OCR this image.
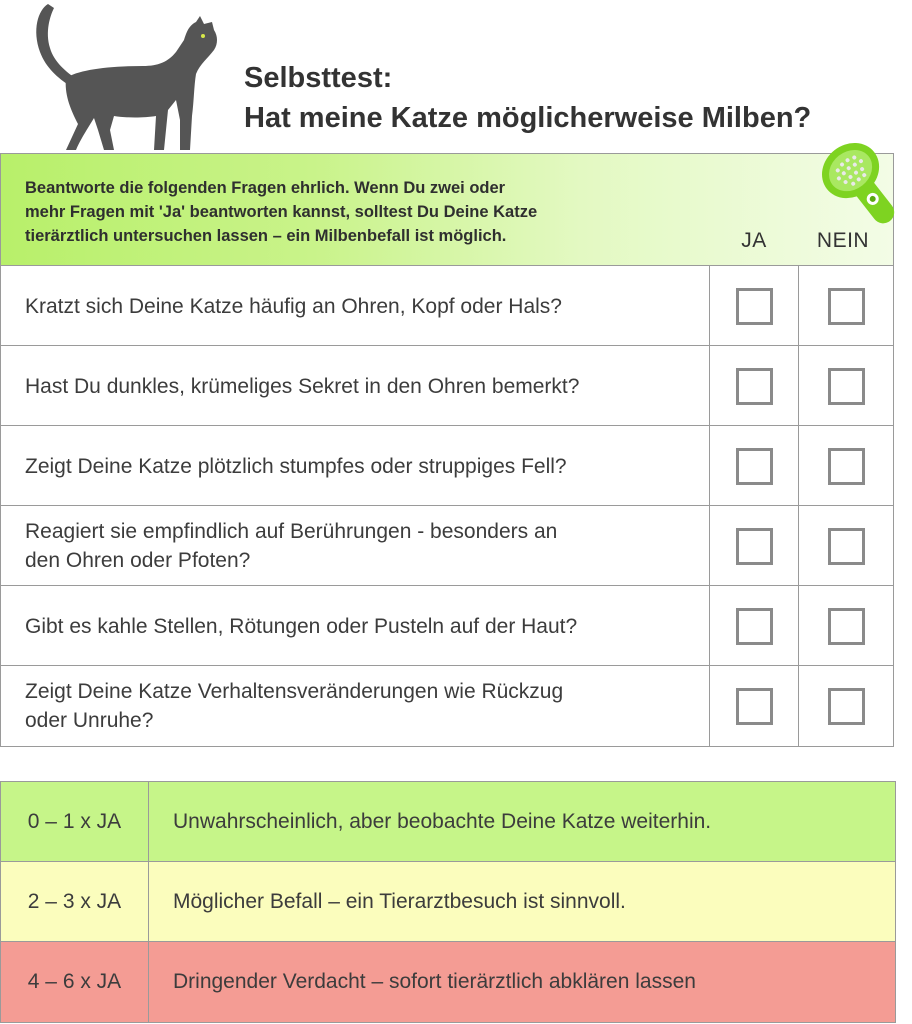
Selbsttest:
Hat meine Katze möglicherweise Milben?
Beantworte die folgenden Fragen ehrlich. Wenn Du zwei oder
mehr Fragen mit 'Ja' beantworten kannst, solltest Du Deine Katze
tierärztlich untersuchen lassen – ein Milbenbefall ist möglich.	JA	NEIN
Kratzt sich Deine Katze häufig an Ohren, Kopf oder Hals?
Hast Du dunkles, krümeliges Sekret in den Ohren bemerkt?
Zeigt Deine Katze plötzlich stumpfes oder struppiges Fell?
Reagiert sie empfindlich auf Berührungen - besonders an
den Ohren oder Pfoten?
Gibt es kahle Stellen, Rötungen oder Pusteln auf der Haut?
Zeigt Deine Katze Verhaltensveränderungen wie Rückzug
oder Unruhe?
0 – 1 x JA	Unwahrscheinlich, aber beobachte Deine Katze weiterhin.
2 – 3 x JA	Möglicher Befall – ein Tierarztbesuch ist sinnvoll.
4 – 6 x JA	Dringender Verdacht – sofort tierärztlich abklären lassen
